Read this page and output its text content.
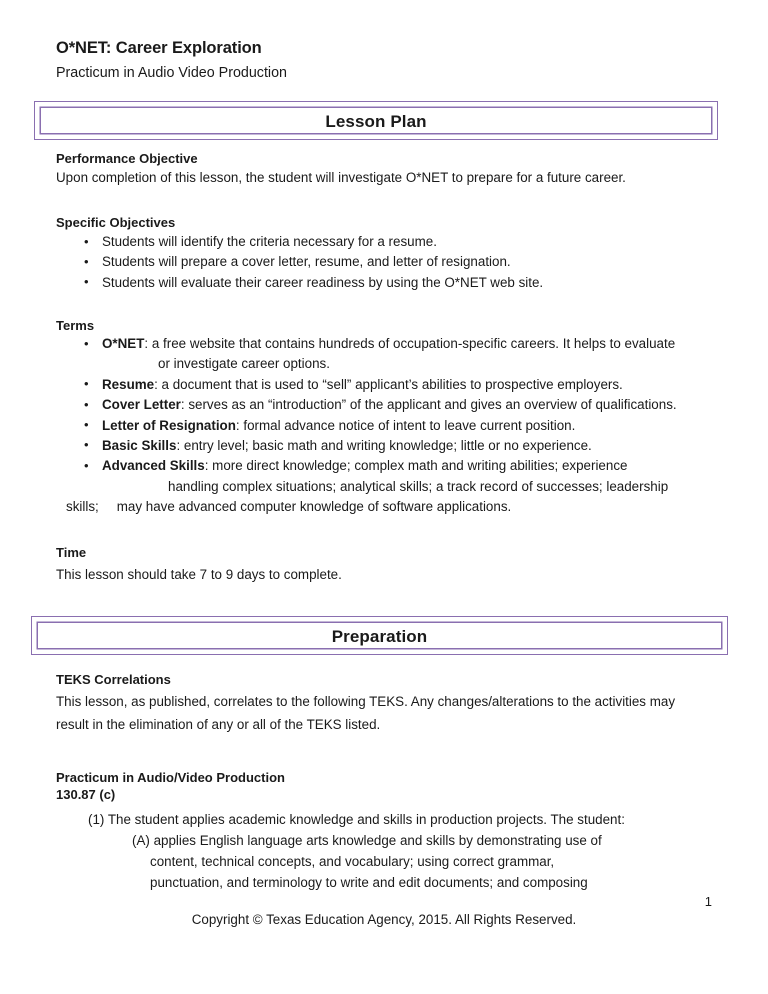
O*NET: Career Exploration
Practicum in Audio Video Production
Lesson Plan
Performance Objective
Upon completion of this lesson, the student will investigate O*NET to prepare for a future career.
Specific Objectives
• Students will identify the criteria necessary for a resume.
• Students will prepare a cover letter, resume, and letter of resignation.
• Students will evaluate their career readiness by using the O*NET web site.
Terms
• O*NET: a free website that contains hundreds of occupation-specific careers. It helps to evaluateor investigate career options.
• Resume: a document that is used to “sell” applicant’s abilities to prospective employers.
• Cover Letter: serves as an “introduction” of the applicant and gives an overview of qualifications.
• Letter of Resignation: formal advance notice of intent to leave current position.
• Basic Skills: entry level; basic math and writing knowledge; little or no experience.
• Advanced Skills: more direct knowledge; complex math and writing abilities; experience
handling complex situations; analytical skills; a track record of successes; leadership
skills; may have advanced computer knowledge of software applications.
Time
This lesson should take 7 to 9 days to complete.
Preparation
TEKS Correlations
This lesson, as published, correlates to the following TEKS. Any changes/alterations to the activities may result in the elimination of any or all of the TEKS listed.
Practicum in Audio/Video Production
130.87 (c)
(1) The student applies academic knowledge and skills in production projects. The student:
(A) applies English language arts knowledge and skills by demonstrating use of
content, technical concepts, and vocabulary; using correct grammar,
punctuation, and terminology to write and edit documents; and composing
1
Copyright © Texas Education Agency, 2015. All Rights Reserved.
